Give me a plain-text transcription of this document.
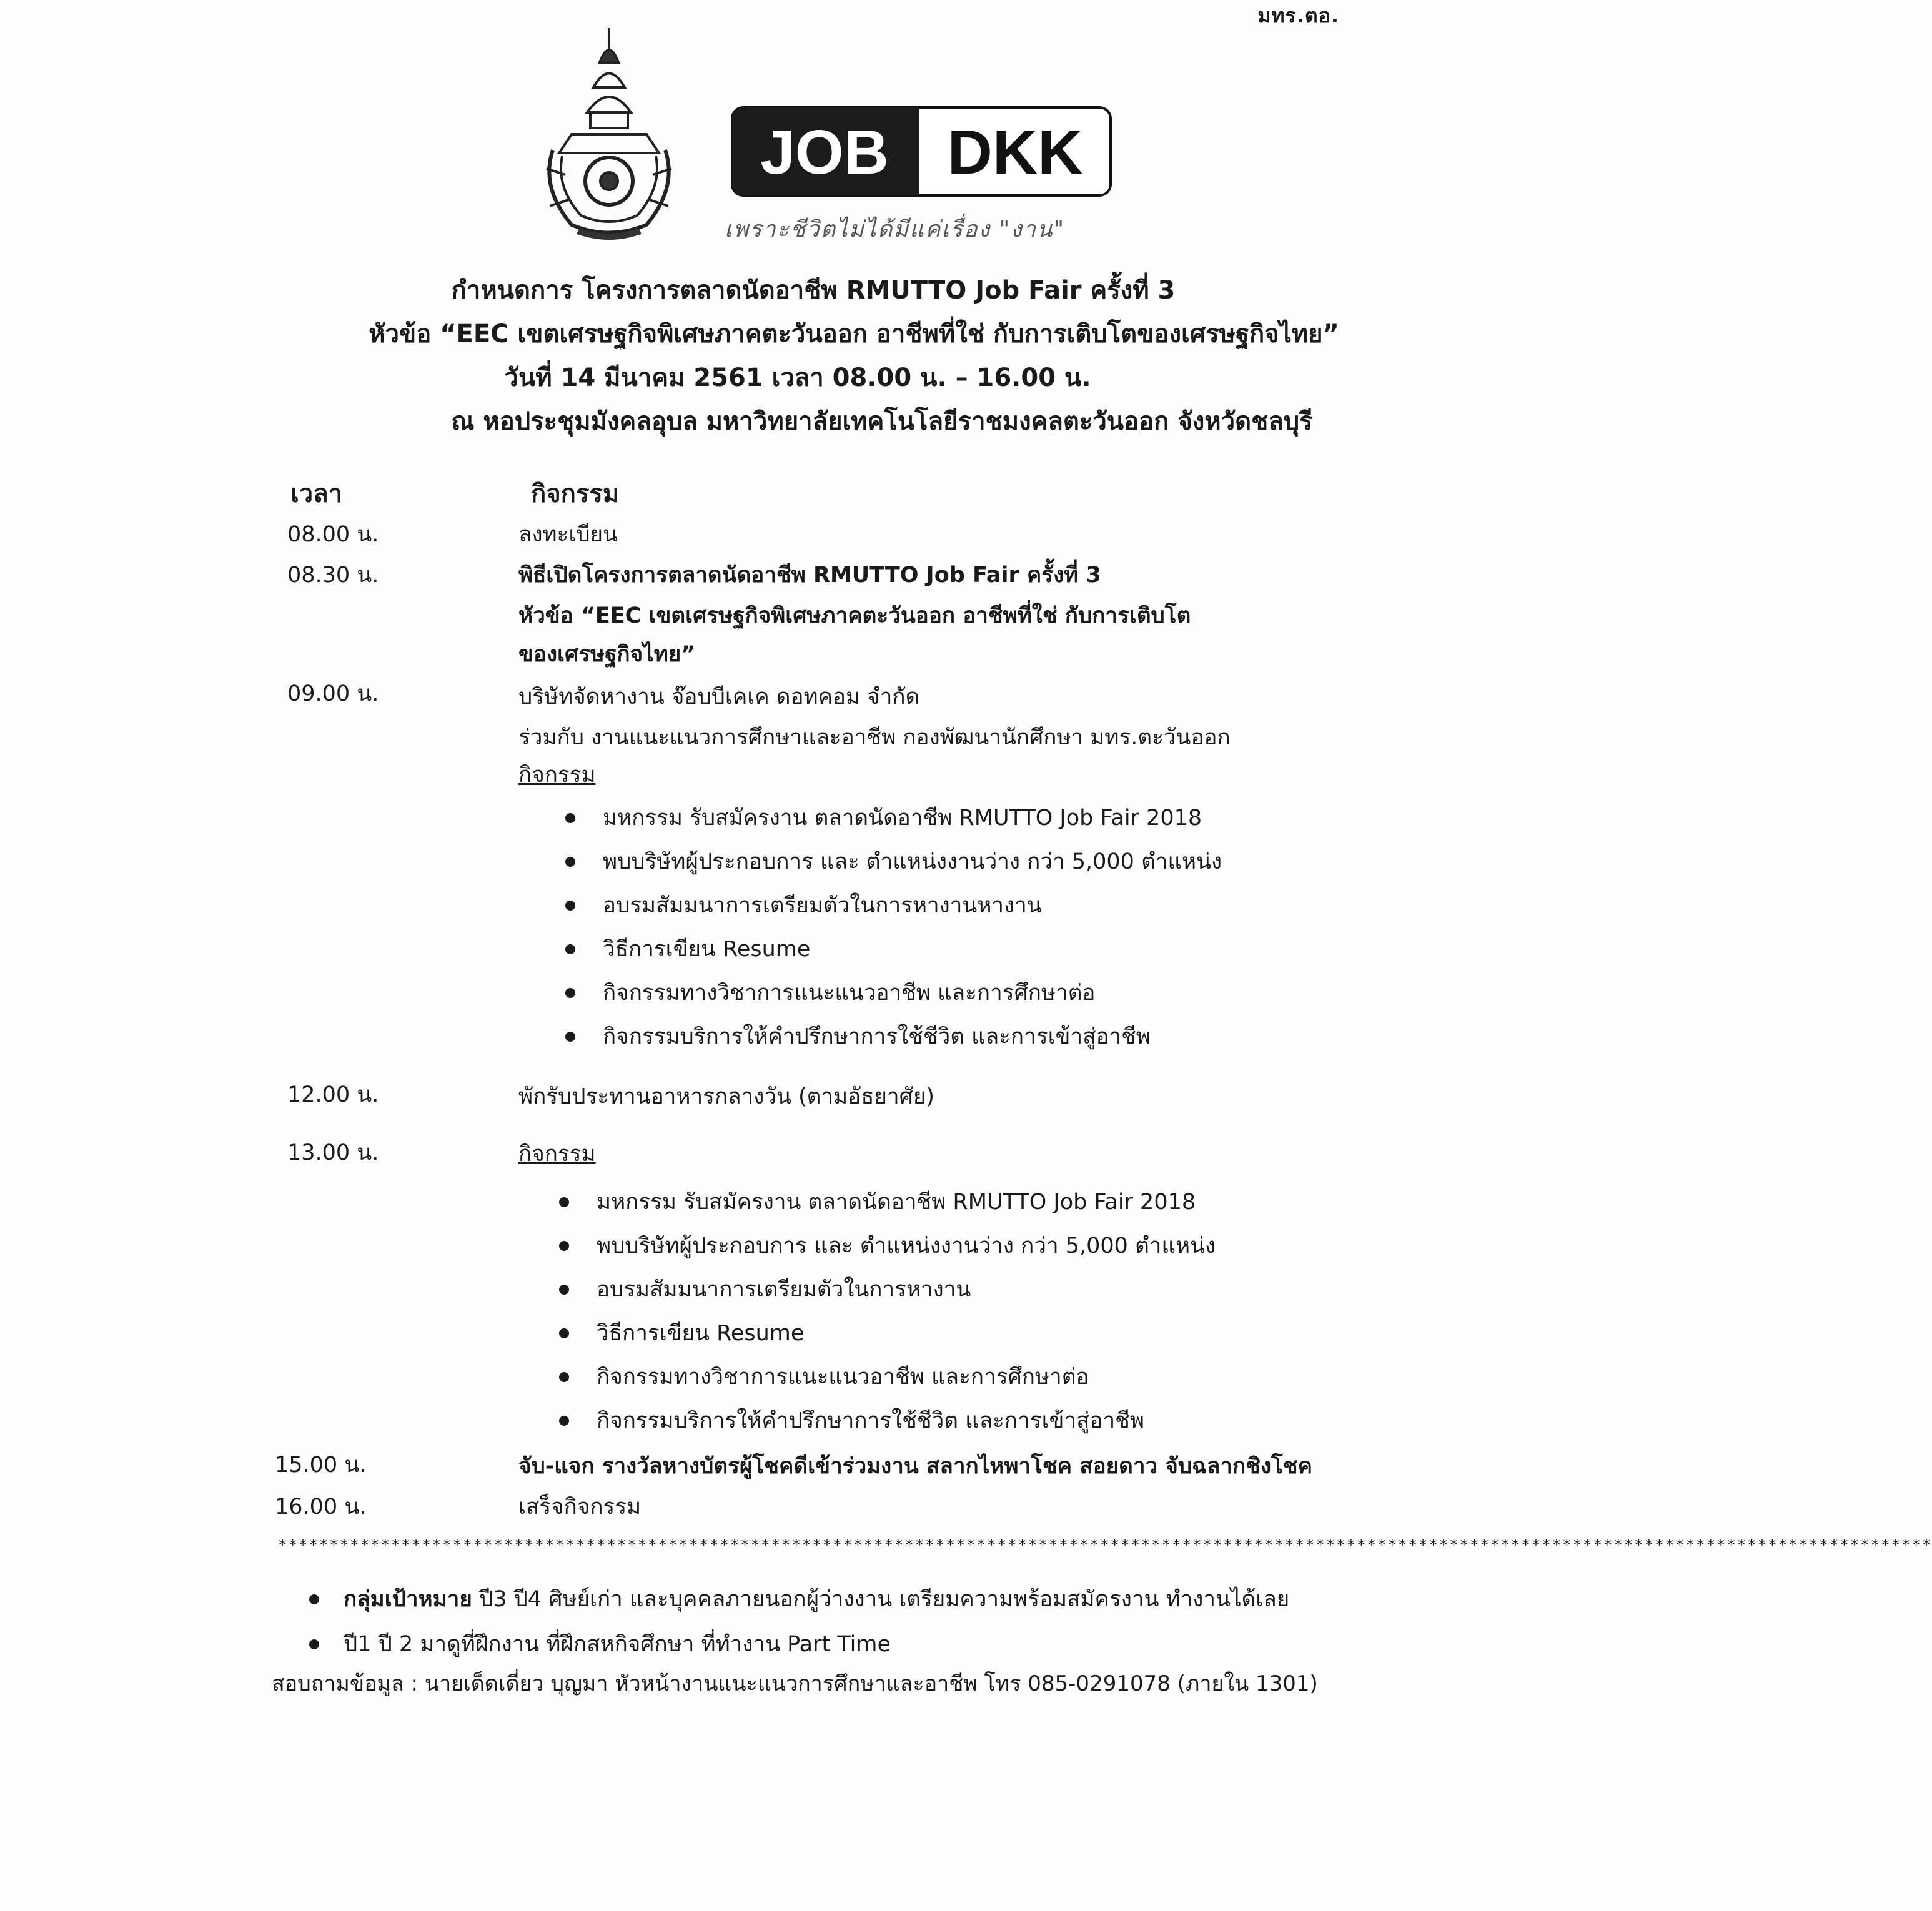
มทร.ตอ.
JOB DKK
เพราะชีวิตไม่ได้มีแค่เรื่อง "งาน"
กำหนดการ โครงการตลาดนัดอาชีพ RMUTTO Job Fair ครั้งที่ 3
หัวข้อ “EEC เขตเศรษฐกิจพิเศษภาคตะวันออก อาชีพที่ใช่ กับการเติบโตของเศรษฐกิจไทย”
วันที่ 14 มีนาคม 2561 เวลา 08.00 น. – 16.00 น.
ณ หอประชุมมังคลอุบล มหาวิทยาลัยเทคโนโลยีราชมงคลตะวันออก จังหวัดชลบุรี
เวลา	กิจกรรม
08.00 น.	ลงทะเบียน
08.30 น.	พิธีเปิดโครงการตลาดนัดอาชีพ RMUTTO Job Fair ครั้งที่ 3
หัวข้อ “EEC เขตเศรษฐกิจพิเศษภาคตะวันออก อาชีพที่ใช่ กับการเติบโต
ของเศรษฐกิจไทย”
09.00 น.	บริษัทจัดหางาน จ๊อบบีเคเค ดอทคอม จำกัด
ร่วมกับ งานแนะแนวการศึกษาและอาชีพ กองพัฒนานักศึกษา มทร.ตะวันออก
กิจกรรม
มหกรรม รับสมัครงาน ตลาดนัดอาชีพ RMUTTO Job Fair 2018
พบบริษัทผู้ประกอบการ และ ตำแหน่งงานว่าง กว่า 5,000 ตำแหน่ง
อบรมสัมมนาการเตรียมตัวในการหางานหางาน
วิธีการเขียน Resume
กิจกรรมทางวิชาการแนะแนวอาชีพ และการศึกษาต่อ
กิจกรรมบริการให้คำปรึกษาการใช้ชีวิต และการเข้าสู่อาชีพ
12.00 น.	พักรับประทานอาหารกลางวัน (ตามอัธยาศัย)
13.00 น.	กิจกรรม
มหกรรม รับสมัครงาน ตลาดนัดอาชีพ RMUTTO Job Fair 2018
พบบริษัทผู้ประกอบการ และ ตำแหน่งงานว่าง กว่า 5,000 ตำแหน่ง
อบรมสัมมนาการเตรียมตัวในการหางาน
วิธีการเขียน Resume
กิจกรรมทางวิชาการแนะแนวอาชีพ และการศึกษาต่อ
กิจกรรมบริการให้คำปรึกษาการใช้ชีวิต และการเข้าสู่อาชีพ
15.00 น.	จับ-แจก รางวัลหางบัตรผู้โชคดีเข้าร่วมงาน สลากไหพาโชค สอยดาว จับฉลากชิงโชค
16.00 น.	เสร็จกิจกรรม
*****************************************************************************************************************************************************************
กลุ่มเป้าหมาย ปี3 ปี4 ศิษย์เก่า และบุคคลภายนอกผู้ว่างงาน เตรียมความพร้อมสมัครงาน ทำงานได้เลย
ปี1 ปี 2 มาดูที่ฝึกงาน ที่ฝึกสหกิจศึกษา ที่ทำงาน Part Time
สอบถามข้อมูล : นายเด็ดเดี่ยว บุญมา หัวหน้างานแนะแนวการศึกษาและอาชีพ โทร 085-0291078 (ภายใน 1301)
